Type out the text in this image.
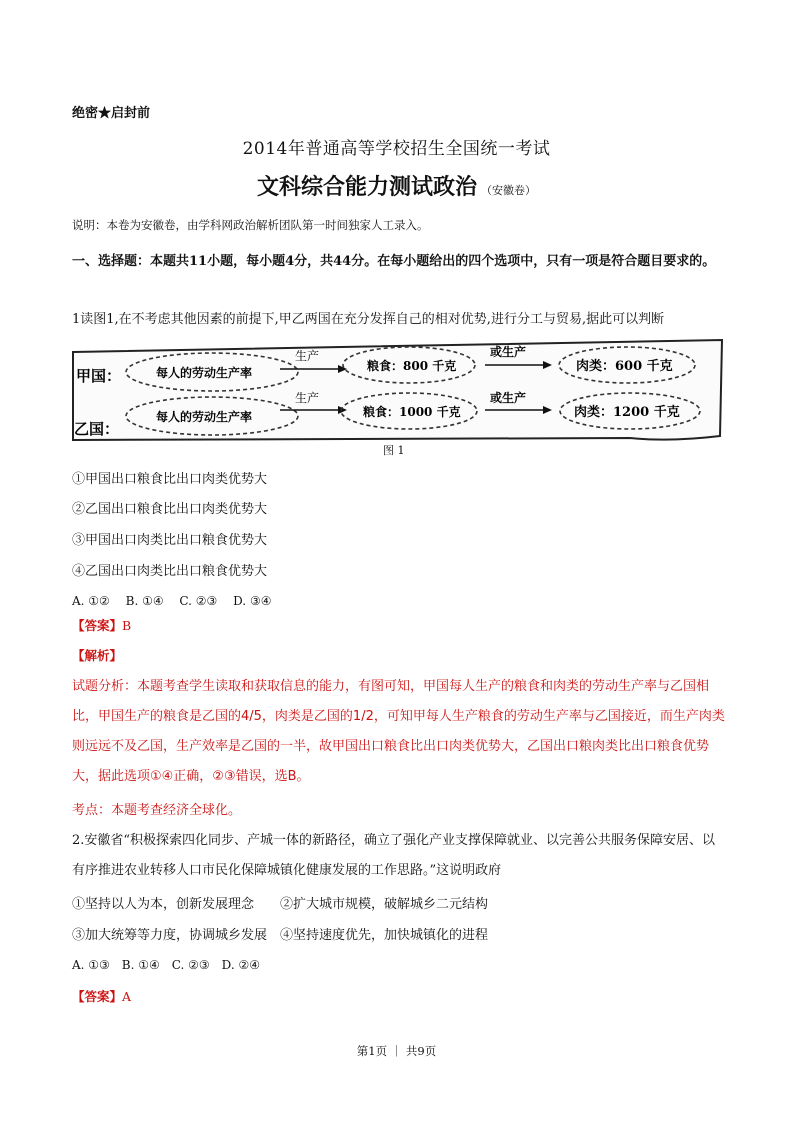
绝密★启封前
2014年普通高等学校招生全国统一考试
文科综合能力测试政治 （安徽卷）
说明：本卷为安徽卷，由学科网政治解析团队第一时间独家人工录入。
一、选择题：本题共11小题，每小题4分，共44分。在每小题给出的四个选项中，只有一项是符合题目要求的。
1读图1,在不考虑其他因素的前提下,甲乙两国在充分发挥自己的相对优势,进行分工与贸易,据此可以判断
甲国：	每人的劳动生产率
生产
粮食：800 千克
或生产
肉类：600 千克
乙国：
每人的劳动生产率
生产
粮食：1000 千克
或生产
肉类：1200 千克
图 1
①甲国出口粮食比出口肉类优势大
②乙国出口粮食比出口肉类优势大
③甲国出口肉类比出口粮食优势大
④乙国出口肉类比出口粮食优势大
A. ①②　 B. ①④　 C. ②③　 D. ③④
【答案】B
【解析】
试题分析：本题考查学生读取和获取信息的能力，有图可知，甲国每人生产的粮食和肉类的劳动生产率与乙国相比，甲国生产的粮食是乙国的4/5，肉类是乙国的1/2，可知甲每人生产粮食的劳动生产率与乙国接近，而生产肉类则远远不及乙国，生产效率是乙国的一半，故甲国出口粮食比出口肉类优势大，乙国出口粮肉类比出口粮食优势大，据此选项①④正确，②③错误，选B。
考点：本题考查经济全球化。
2.安徽省“积极探索四化同步、产城一体的新路径，确立了强化产业支撑保障就业、以完善公共服务保障安居、以有序推进农业转移人口市民化保障城镇化健康发展的工作思路。”这说明政府
①坚持以人为本，创新发展理念　　②扩大城市规模，破解城乡二元结构
③加大统筹等力度，协调城乡发展　④坚持速度优先，加快城镇化的进程
A. ①③　B. ①④　C. ②③　D. ②④
【答案】A
第1页 ｜ 共9页
